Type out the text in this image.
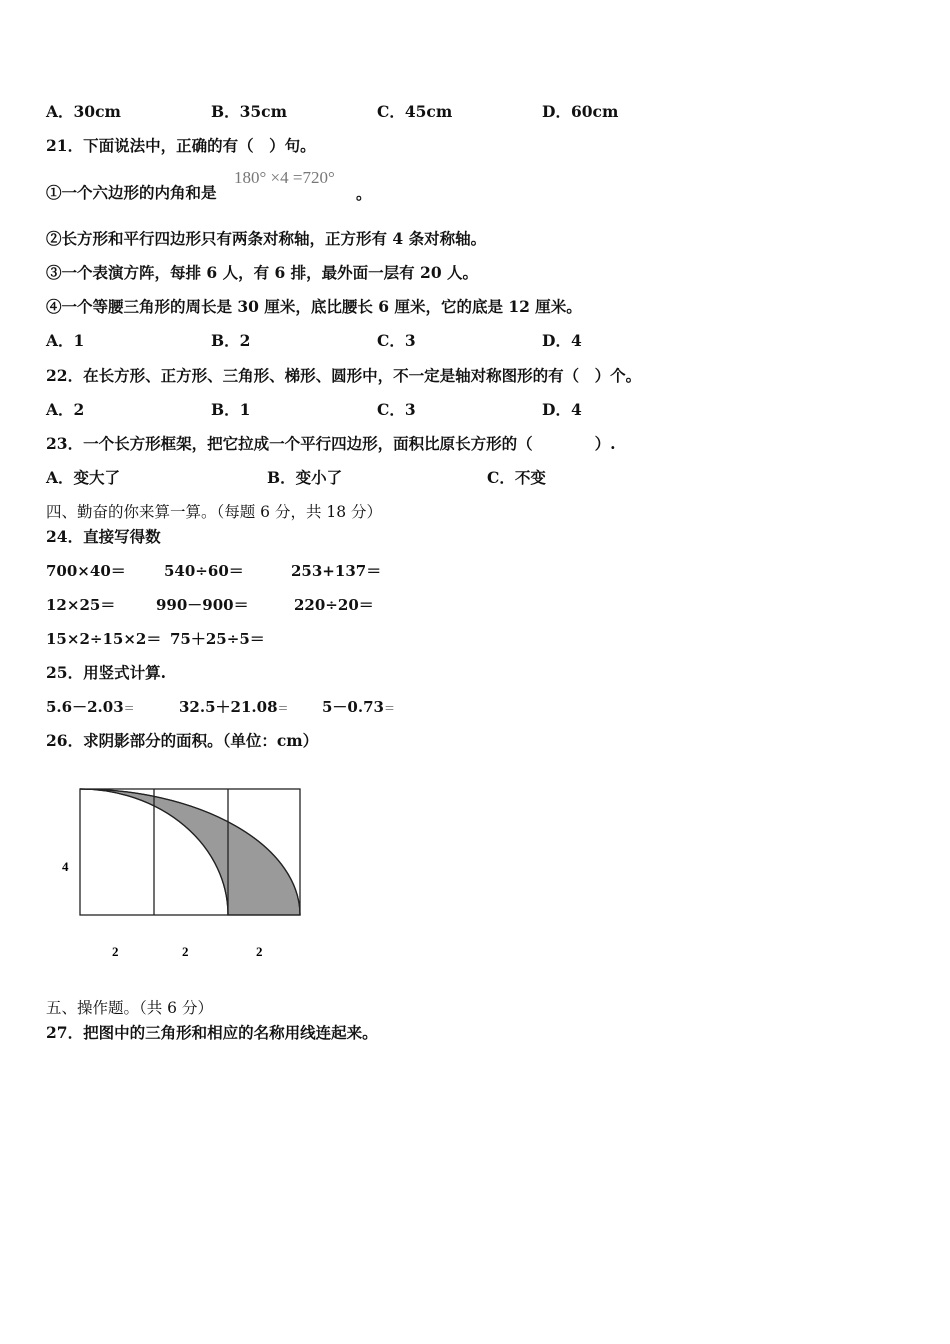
A．30cm	B．35cm	C．45cm	D．60cm
21．下面说法中，正确的有（　）句。
①一个六边形的内角和是
180° ×4 =720°
。
②长方形和平行四边形只有两条对称轴，正方形有 4 条对称轴。
③一个表演方阵，每排 6 人，有 6 排，最外面一层有 20 人。
④一个等腰三角形的周长是 30 厘米，底比腰长 6 厘米，它的底是 12 厘米。
A．1	B．2	C．3	D．4
22．在长方形、正方形、三角形、梯形、圆形中，不一定是轴对称图形的有（　）个。
A．2	B．1	C．3	D．4
23．一个长方形框架，把它拉成一个平行四边形，面积比原长方形的（　　　　）.
A．变大了	B．变小了	C．不变
四、勤奋的你来算一算。（每题 6 分，共 18 分）
24．直接写得数
700×40＝	540÷60＝	253+137＝
12×25＝	990－900＝	220÷20＝
15×2÷15×2＝ 75＋25÷5＝
25．用竖式计算.
5.6－2.03＝	32.5＋21.08＝ 5－0.73＝
26．求阴影部分的面积。（单位：cm）
4
2	2	2
五、操作题。（共 6 分）
27．把图中的三角形和相应的名称用线连起来。
